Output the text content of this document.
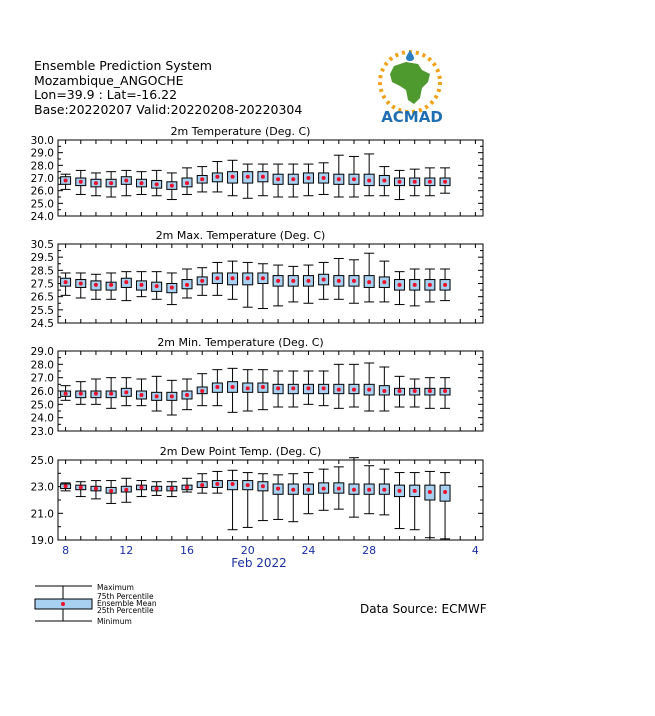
Ensemble Prediction System
Mozambique_ANGOCHE
Lon=39.9 : Lat=-16.22
Base:20220207 Valid:20220208-20220304	ACMAD
2m Temperature (Deg. C)
24.0
25.0
26.0
27.0
28.0
29.0
30.0
2m Max. Temperature (Deg. C)
24.5
25.5
26.5
27.5
28.5
29.5
30.5
2m Min. Temperature (Deg. C)
23.0
24.0
25.0
26.0
27.0
28.0
29.0
2m Dew Point Temp. (Deg. C)
19.0
21.0
23.0
25.0
4
8	12	16	20	24	28
Feb 2022
Maximum
75th Percentile
Ensemble Mean
25th Percentile
Minimum
Data Source: ECMWF
